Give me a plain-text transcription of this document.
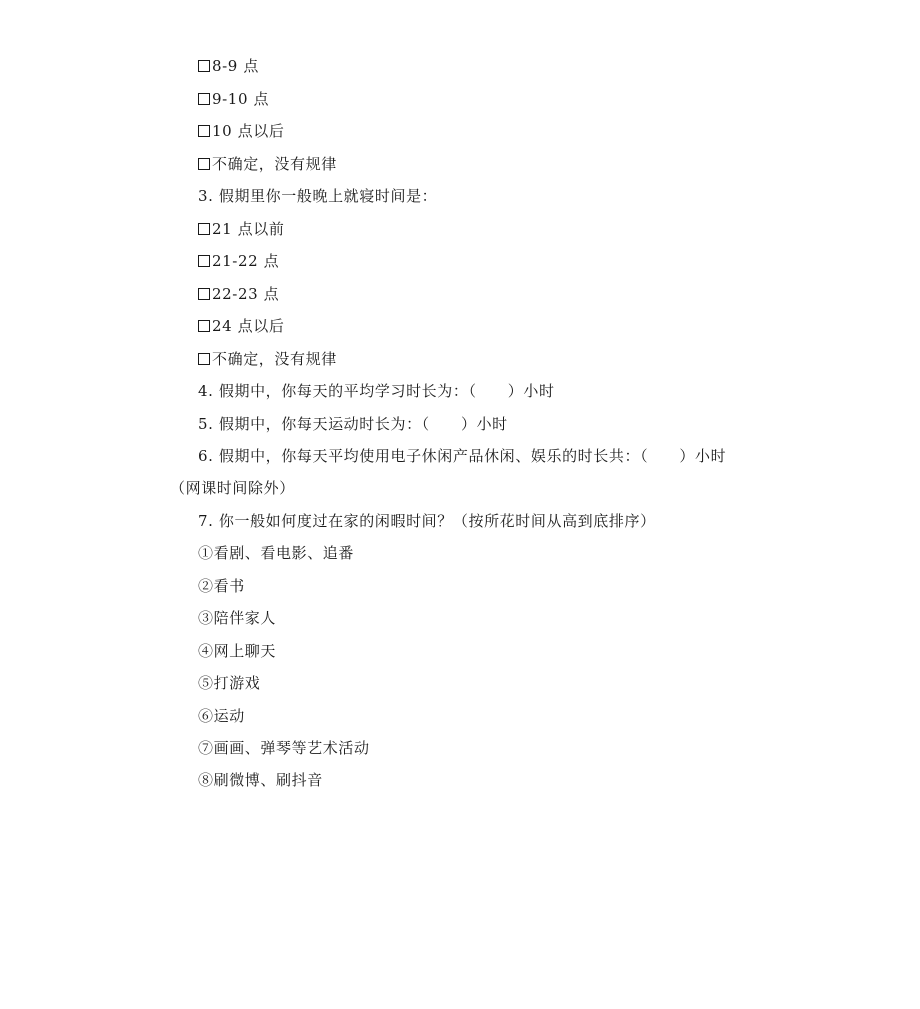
8-9 点
9-10 点
10 点以后
不确定，没有规律
3. 假期里你一般晚上就寝时间是：
21 点以前
21-22 点
22-23 点
24 点以后
不确定，没有规律
4. 假期中，你每天的平均学习时长为：（　　）小时
5. 假期中，你每天运动时长为：（　　）小时
6. 假期中，你每天平均使用电子休闲产品休闲、娱乐的时长共：（　　）小时
（网课时间除外）
7. 你一般如何度过在家的闲暇时间？（按所花时间从高到底排序）
①看剧、看电影、追番
②看书
③陪伴家人
④网上聊天
⑤打游戏
⑥运动
⑦画画、弹琴等艺术活动
⑧刷微博、刷抖音
